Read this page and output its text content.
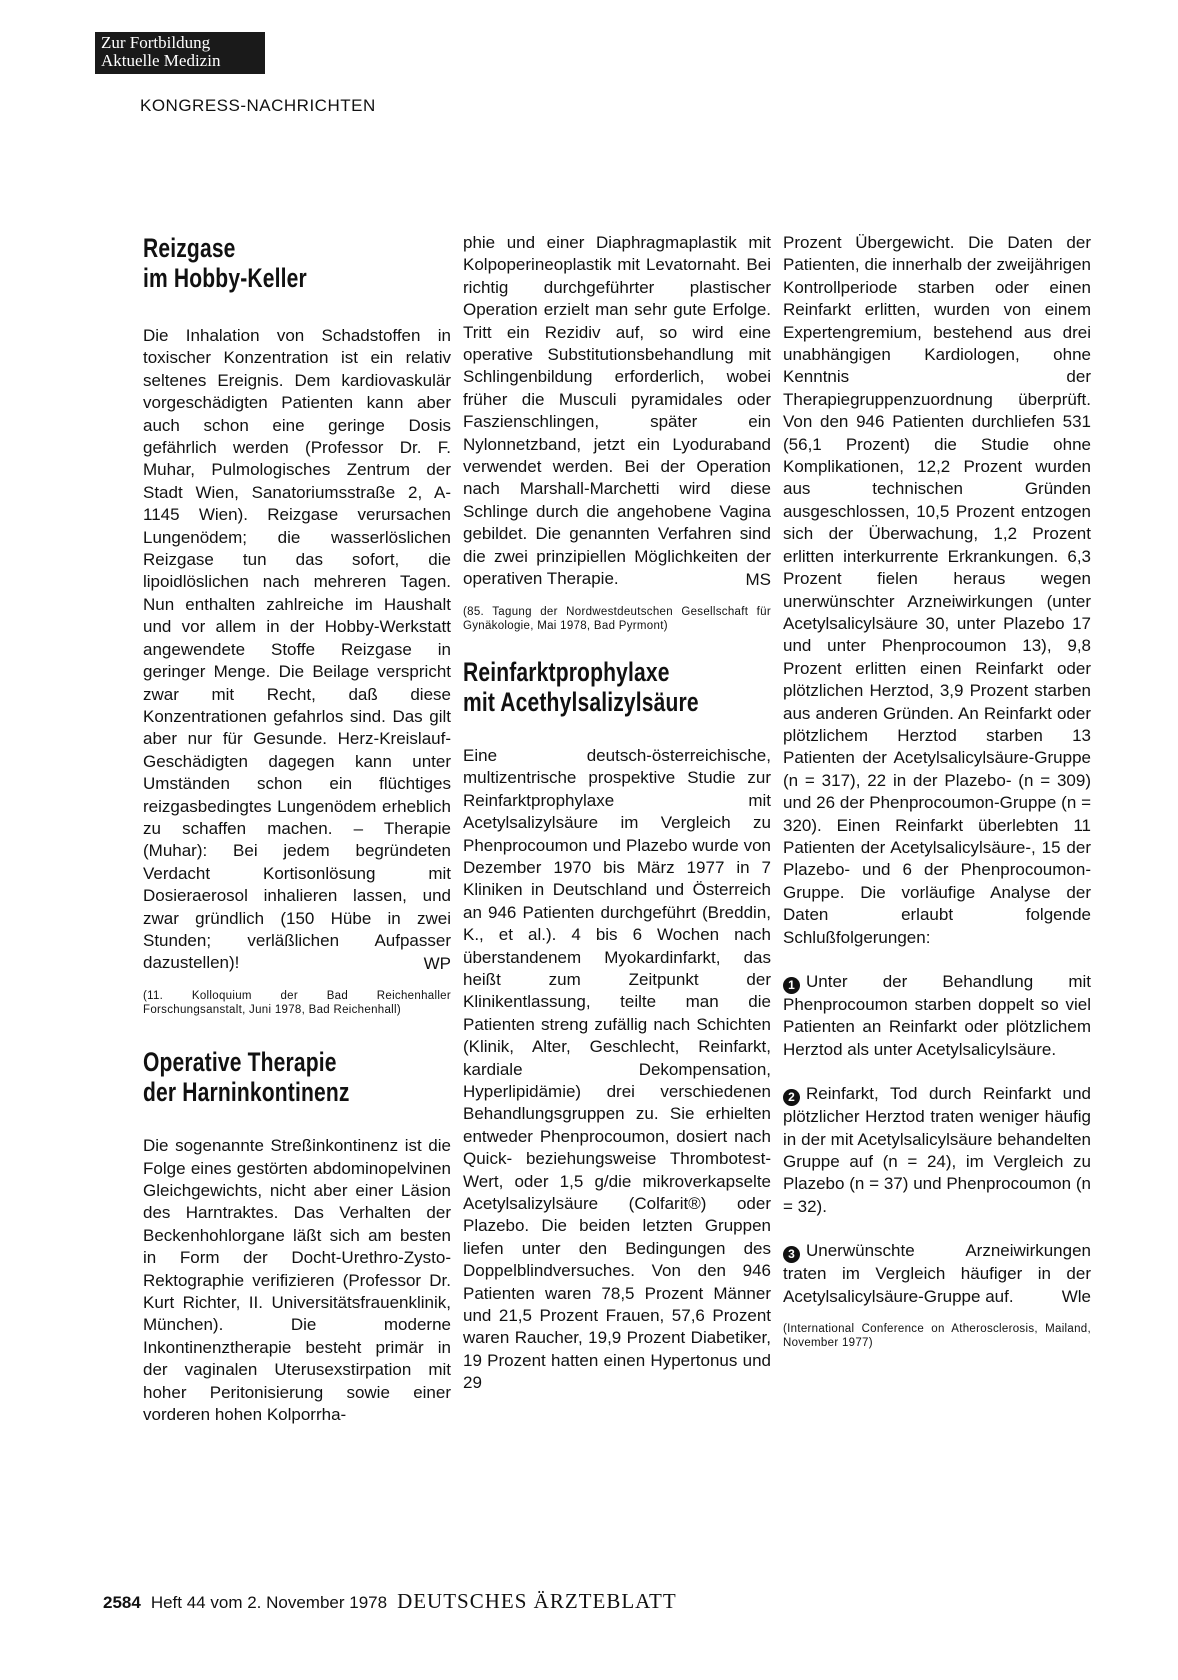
Zur Fortbildung
Aktuelle Medizin
KONGRESS-NACHRICHTEN
Reizgase
im Hobby-Keller

Die Inhalation von Schadstoffen in toxischer Konzentration ist ein relativ seltenes Ereignis. Dem kardiovaskulär vorgeschädigten Patienten kann aber auch schon eine geringe Dosis gefährlich werden (Professor Dr. F. Muhar, Pulmologisches Zentrum der Stadt Wien, Sanatoriumsstraße 2, A-1145 Wien). Reizgase verursachen Lungenödem; die wasserlöslichen Reizgase tun das sofort, die lipoidlöslichen nach mehreren Tagen. Nun enthalten zahlreiche im Haushalt und vor allem in der Hobby-Werkstatt angewendete Stoffe Reizgase in geringer Menge. Die Beilage verspricht zwar mit Recht, daß diese Konzentrationen gefahrlos sind. Das gilt aber nur für Gesunde. Herz-Kreislauf-Geschädigten dagegen kann unter Umständen schon ein flüchtiges reizgasbedingtes Lungenödem erheblich zu schaffen machen. – Therapie (Muhar): Bei jedem begründeten Verdacht Kortisonlösung mit Dosieraerosol inhalieren lassen, und zwar gründlich (150 Hübe in zwei Stunden; verläßlichen Aufpasser dazustellen)!	WP

(11. Kolloquium der Bad Reichenhaller Forschungsanstalt, Juni 1978, Bad Reichenhall)

Operative Therapie
der Harninkontinenz

Die sogenannte Streßinkontinenz ist die Folge eines gestörten abdominopelvinen Gleichgewichts, nicht aber einer Läsion des Harntraktes. Das Verhalten der Beckenhohlorgane läßt sich am besten in Form der Docht-Urethro-Zysto-Rektographie verifizieren (Professor Dr. Kurt Richter, II. Universitätsfrauenklinik, München). Die moderne Inkontinenztherapie besteht primär in der vaginalen Uterusexstirpation mit hoher Peritonisierung sowie einer vorderen hohen Kolporrha-

phie und einer Diaphragmaplastik mit Kolpoperineoplastik mit Levatornaht. Bei richtig durchgeführter plastischer Operation erzielt man sehr gute Erfolge. Tritt ein Rezidiv auf, so wird eine operative Substitutionsbehandlung mit Schlingenbildung erforderlich, wobei früher die Musculi pyramidales oder Faszienschlingen, später ein Nylonnetzband, jetzt ein Lyoduraband verwendet werden. Bei der Operation nach Marshall-Marchetti wird diese Schlinge durch die angehobene Vagina gebildet. Die genannten Verfahren sind die zwei prinzipiellen Möglichkeiten der operativen Therapie.	MS

(85. Tagung der Nordwestdeutschen Gesellschaft für Gynäkologie, Mai 1978, Bad Pyrmont)

Reinfarktprophylaxe
mit Acethylsalizylsäure

Eine deutsch-österreichische, multizentrische prospektive Studie zur Reinfarktprophylaxe mit Acetylsalizylsäure im Vergleich zu Phenprocoumon und Plazebo wurde von Dezember 1970 bis März 1977 in 7 Kliniken in Deutschland und Österreich an 946 Patienten durchgeführt (Breddin, K., et al.). 4 bis 6 Wochen nach überstandenem Myokardinfarkt, das heißt zum Zeitpunkt der Klinikentlassung, teilte man die Patienten streng zufällig nach Schichten (Klinik, Alter, Geschlecht, Reinfarkt, kardiale Dekompensation, Hyperlipidämie) drei verschiedenen Behandlungsgruppen zu. Sie erhielten entweder Phenprocoumon, dosiert nach Quick- beziehungsweise Thrombotest-Wert, oder 1,5 g/die mikroverkapselte Acetylsalizylsäure (Colfarit®) oder Plazebo. Die beiden letzten Gruppen liefen unter den Bedingungen des Doppelblindversuches. Von den 946 Patienten waren 78,5 Prozent Männer und 21,5 Prozent Frauen, 57,6 Prozent waren Raucher, 19,9 Prozent Diabetiker, 19 Prozent hatten einen Hypertonus und 29

Prozent Übergewicht. Die Daten der Patienten, die innerhalb der zweijährigen Kontrollperiode starben oder einen Reinfarkt erlitten, wurden von einem Expertengremium, bestehend aus drei unabhängigen Kardiologen, ohne Kenntnis der Therapiegruppenzuordnung überprüft. Von den 946 Patienten durchliefen 531 (56,1 Prozent) die Studie ohne Komplikationen, 12,2 Prozent wurden aus technischen Gründen ausgeschlossen, 10,5 Prozent entzogen sich der Überwachung, 1,2 Prozent erlitten interkurrente Erkrankungen. 6,3 Prozent fielen heraus wegen unerwünschter Arzneiwirkungen (unter Acetylsalicylsäure 30, unter Plazebo 17 und unter Phenprocoumon 13), 9,8 Prozent erlitten einen Reinfarkt oder plötzlichen Herztod, 3,9 Prozent starben aus anderen Gründen. An Reinfarkt oder plötzlichem Herztod starben 13 Patienten der Acetylsalicylsäure-Gruppe (n = 317), 22 in der Plazebo- (n = 309) und 26 der Phenprocoumon-Gruppe (n = 320). Einen Reinfarkt überlebten 11 Patienten der Acetylsalicylsäure-, 15 der Plazebo- und 6 der Phenprocoumon-Gruppe. Die vorläufige Analyse der Daten erlaubt folgende Schlußfolgerungen:

1 Unter der Behandlung mit Phenprocoumon starben doppelt so viel Patienten an Reinfarkt oder plötzlichem Herztod als unter Acetylsalicylsäure.

2 Reinfarkt, Tod durch Reinfarkt und plötzlicher Herztod traten weniger häufig in der mit Acetylsalicylsäure behandelten Gruppe auf (n = 24), im Vergleich zu Plazebo (n = 37) und Phenprocoumon (n = 32).

3 Unerwünschte Arzneiwirkungen traten im Vergleich häufiger in der Acetylsalicylsäure-Gruppe auf.	Wle

(International Conference on Atherosclerosis, Mailand, November 1977)

2584 Heft 44 vom 2. November 1978 DEUTSCHES ÄRZTEBLATT
